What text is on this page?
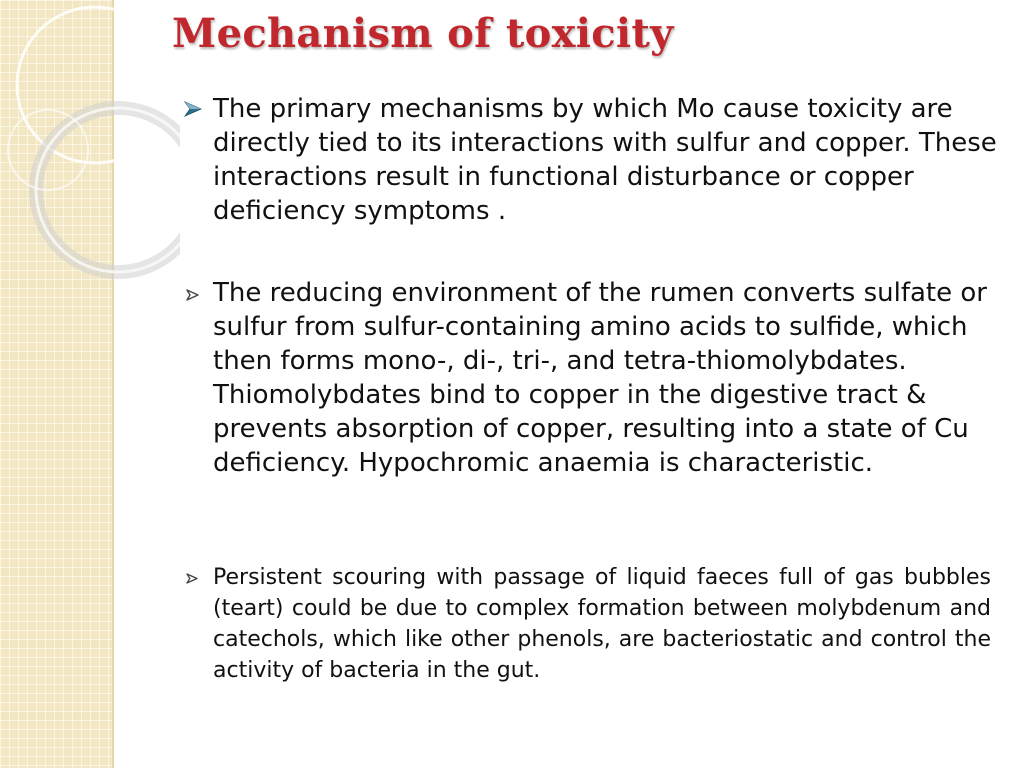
Mechanism of toxicity

The primary mechanisms by which Mo cause toxicity are directly tied to its interactions with sulfur and copper. These interactions result in functional disturbance or copper deficiency symptoms .

The reducing environment of the rumen converts sulfate or sulfur from sulfur-containing amino acids to sulfide, which then forms mono-, di-, tri-, and tetra-thiomolybdates. Thiomolybdates bind to copper in the digestive tract & prevents absorption of copper, resulting into a state of Cu deficiency. Hypochromic anaemia is characteristic.

Persistent scouring with passage of liquid faeces full of gas bubbles (teart) could be due to complex formation between molybdenum and catechols, which like other phenols, are bacteriostatic and control the activity of bacteria in the gut.
